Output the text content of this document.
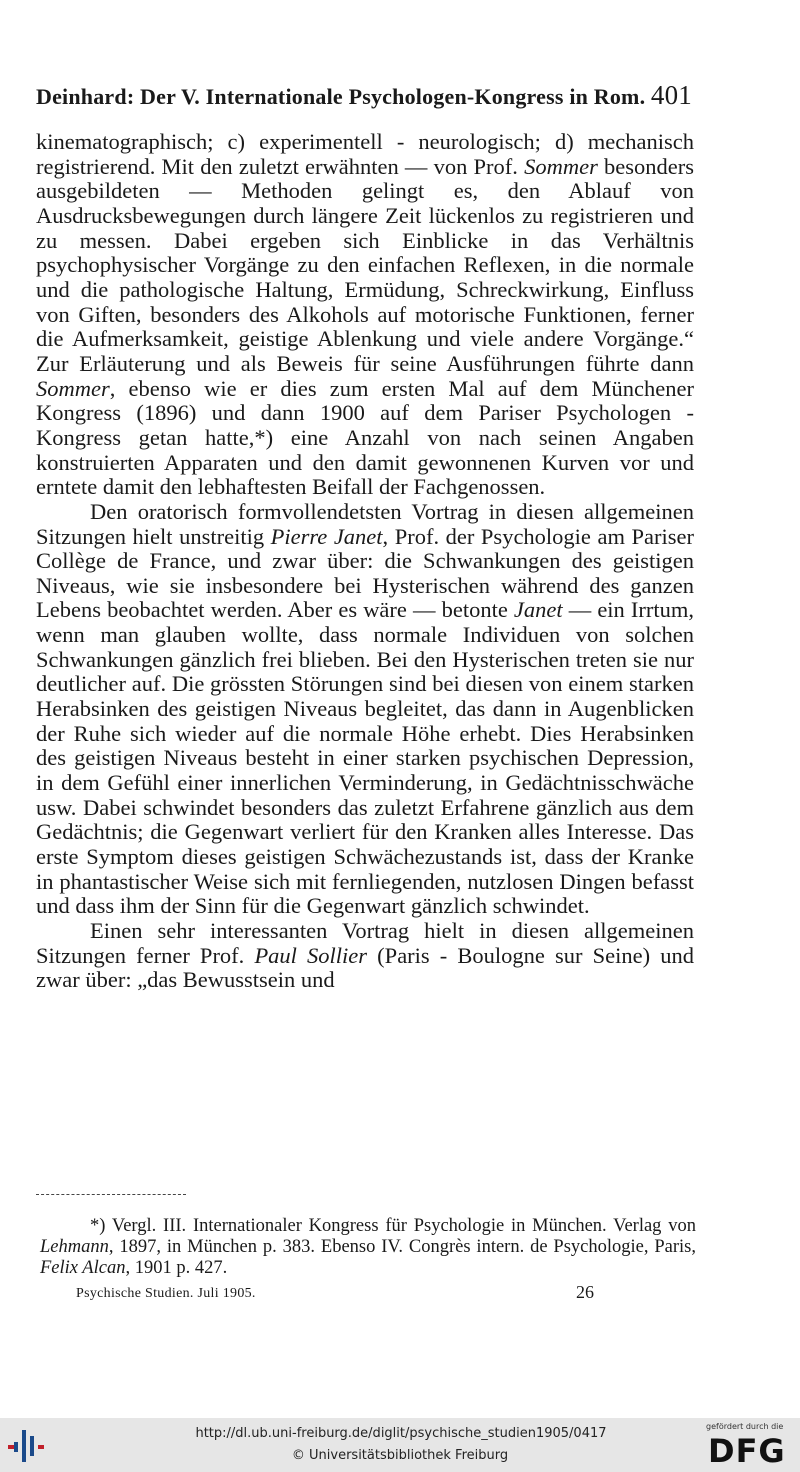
Deinhard: Der V. Internationale Psychologen-Kongress in Rom. 401

kinematographisch; c) experimentell - neurologisch; d) mechanisch registrierend. Mit den zuletzt erwähnten — von Prof. Sommer besonders ausgebildeten — Methoden gelingt es, den Ablauf von Ausdrucksbewegungen durch längere Zeit lückenlos zu registrieren und zu messen. Dabei ergeben sich Einblicke in das Verhältnis psychophysischer Vorgänge zu den einfachen Reflexen, in die normale und die pathologische Haltung, Ermüdung, Schreckwirkung, Einfluss von Giften, besonders des Alkohols auf motorische Funktionen, ferner die Aufmerksamkeit, geistige Ablenkung und viele andere Vorgänge.“ Zur Erläuterung und als Beweis für seine Ausführungen führte dann Sommer, ebenso wie er dies zum ersten Mal auf dem Münchener Kongress (1896) und dann 1900 auf dem Pariser Psychologen - Kongress getan hatte,*) eine Anzahl von nach seinen Angaben konstruierten Apparaten und den damit gewonnenen Kurven vor und erntete damit den lebhaftesten Beifall der Fachgenossen.

Den oratorisch formvollendetsten Vortrag in diesen allgemeinen Sitzungen hielt unstreitig Pierre Janet, Prof. der Psychologie am Pariser Collège de France, und zwar über: die Schwankungen des geistigen Niveaus, wie sie insbesondere bei Hysterischen während des ganzen Lebens beobachtet werden. Aber es wäre — betonte Janet — ein Irrtum, wenn man glauben wollte, dass normale Individuen von solchen Schwankungen gänzlich frei blieben. Bei den Hysterischen treten sie nur deutlicher auf. Die grössten Störungen sind bei diesen von einem starken Herabsinken des geistigen Niveaus begleitet, das dann in Augenblicken der Ruhe sich wieder auf die normale Höhe erhebt. Dies Herabsinken des geistigen Niveaus besteht in einer starken psychischen Depression, in dem Gefühl einer innerlichen Verminderung, in Gedächtnisschwäche usw. Dabei schwindet besonders das zuletzt Erfahrene gänzlich aus dem Gedächtnis; die Gegenwart verliert für den Kranken alles Interesse. Das erste Symptom dieses geistigen Schwächezustands ist, dass der Kranke in phantastischer Weise sich mit fernliegenden, nutzlosen Dingen befasst und dass ihm der Sinn für die Gegenwart gänzlich schwindet.

Einen sehr interessanten Vortrag hielt in diesen allgemeinen Sitzungen ferner Prof. Paul Sollier (Paris - Boulogne sur Seine) und zwar über: „das Bewusstsein und

*) Vergl. III. Internationaler Kongress für Psychologie in München. Verlag von Lehmann, 1897, in München p. 383. Ebenso IV. Congrès intern. de Psychologie, Paris, Felix Alcan, 1901 p. 427.

Psychische Studien. Juli 1905.	26
http://dl.ub.uni-freiburg.de/diglit/psychische_studien1905/0417
© Universitätsbibliothek Freiburg
gefördert durch die
DFG
